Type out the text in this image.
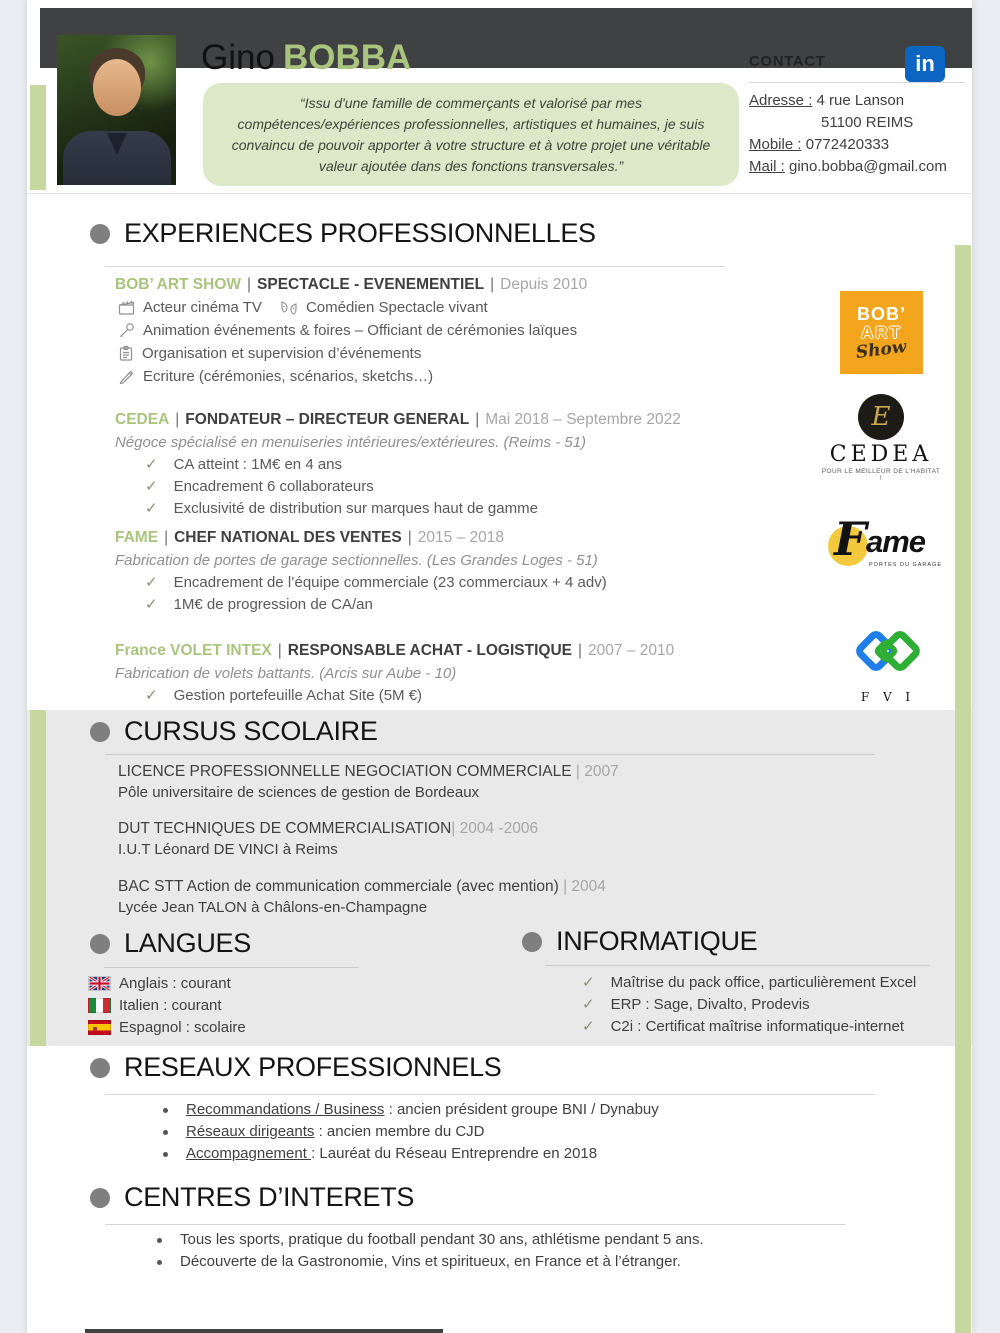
Gino BOBBA
“Issu d'une famille de commerçants et valorisé par mes
compétences/expériences professionnelles, artistiques et humaines, je suis
convaincu de pouvoir apporter à votre structure et à votre projet une véritable
valeur ajoutée dans des fonctions transversales.”
CONTACT	in
Adresse : 4 rue Lanson
51100 REIMS
Mobile : 0772420333
Mail : gino.bobba@gmail.com
EXPERIENCES PROFESSIONNELLES
BOB’ ART SHOW | SPECTACLE - EVENEMENTIEL | Depuis 2010
Acteur cinéma TV	Comédien Spectacle vivant
Animation événements & foires – Officiant de cérémonies laïques
Organisation et supervision d’événements
Ecriture (cérémonies, scénarios, sketchs…)
CEDEA | FONDATEUR – DIRECTEUR GENERAL | Mai 2018 – Septembre 2022
Négoce spécialisé en menuiseries intérieures/extérieures. (Reims - 51)
✓ CA atteint : 1M€ en 4 ans
✓ Encadrement 6 collaborateurs
✓ Exclusivité de distribution sur marques haut de gamme
FAME | CHEF NATIONAL DES VENTES | 2015 – 2018
Fabrication de portes de garage sectionnelles. (Les Grandes Loges - 51)
✓ Encadrement de l’équipe commerciale (23 commerciaux + 4 adv)
✓ 1M€ de progression de CA/an
France VOLET INTEX | RESPONSABLE ACHAT - LOGISTIQUE | 2007 – 2010
Fabrication de volets battants. (Arcis sur Aube - 10)
✓ Gestion portefeuille Achat Site (5M €)
BOB’
ART
Show
E
CEDEA
POUR LE MEILLEUR DE L'HABITAT !
F ame
PORTES DU GARAGE
F V I
CURSUS SCOLAIRE
LICENCE PROFESSIONNELLE NEGOCIATION COMMERCIALE | 2007
Pôle universitaire de sciences de gestion de Bordeaux
DUT TECHNIQUES DE COMMERCIALISATION| 2004 -2006
I.U.T Léonard DE VINCI à Reims
BAC STT Action de communication commerciale (avec mention) | 2004
Lycée Jean TALON à Châlons-en-Champagne
LANGUES
Anglais : courant
Italien : courant
Espagnol : scolaire
INFORMATIQUE
✓ Maîtrise du pack office, particulièrement Excel
✓ ERP : Sage, Divalto, Prodevis
✓ C2i : Certificat maîtrise informatique-internet
RESEAUX PROFESSIONNELS
Recommandations / Business : ancien président groupe BNI / Dynabuy
Réseaux dirigeants : ancien membre du CJD
Accompagnement : Lauréat du Réseau Entreprendre en 2018
CENTRES D’INTERETS
Tous les sports, pratique du football pendant 30 ans, athlétisme pendant 5 ans.
Découverte de la Gastronomie, Vins et spiritueux, en France et à l’étranger.
